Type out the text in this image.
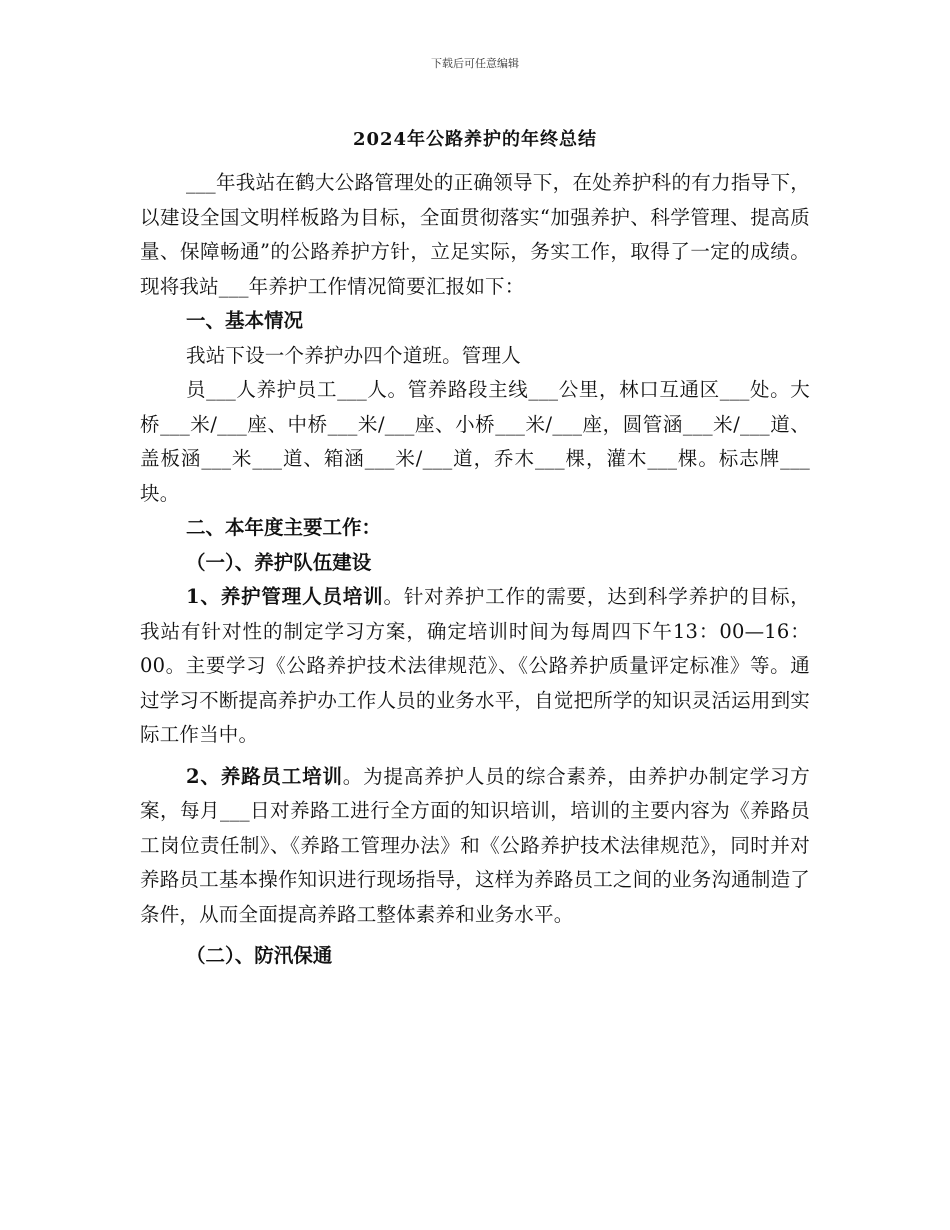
下载后可任意编辑
2024年公路养护的年终总结

___年我站在鹤大公路管理处的正确领导下，在处养护科的有力指导下，以建设全国文明样板路为目标，全面贯彻落实“加强养护、科学管理、提高质量、保障畅通”的公路养护方针，立足实际，务实工作，取得了一定的成绩。现将我站___年养护工作情况简要汇报如下：

一、基本情况

我站下设一个养护办四个道班。管理人

员___人养护员工___人。管养路段主线___公里，林口互通区___处。大桥___米/___座、中桥___米/___座、小桥___米/___座，圆管涵___米/___道、盖板涵___米___道、箱涵___米/___道，乔木___棵，灌木___棵。标志牌___块。

二、本年度主要工作：

（一）、养护队伍建设

1、养护管理人员培训。针对养护工作的需要，达到科学养护的目标，我站有针对性的制定学习方案，确定培训时间为每周四下午13：00—16：00。主要学习《公路养护技术法律规范》、《公路养护质量评定标准》等。通过学习不断提高养护办工作人员的业务水平，自觉把所学的知识灵活运用到实际工作当中。

2、养路员工培训。为提高养护人员的综合素养，由养护办制定学习方案，每月___日对养路工进行全方面的知识培训，培训的主要内容为《养路员工岗位责任制》、《养路工管理办法》和《公路养护技术法律规范》，同时并对养路员工基本操作知识进行现场指导，这样为养路员工之间的业务沟通制造了条件，从而全面提高养路工整体素养和业务水平。

（二）、防汛保通
